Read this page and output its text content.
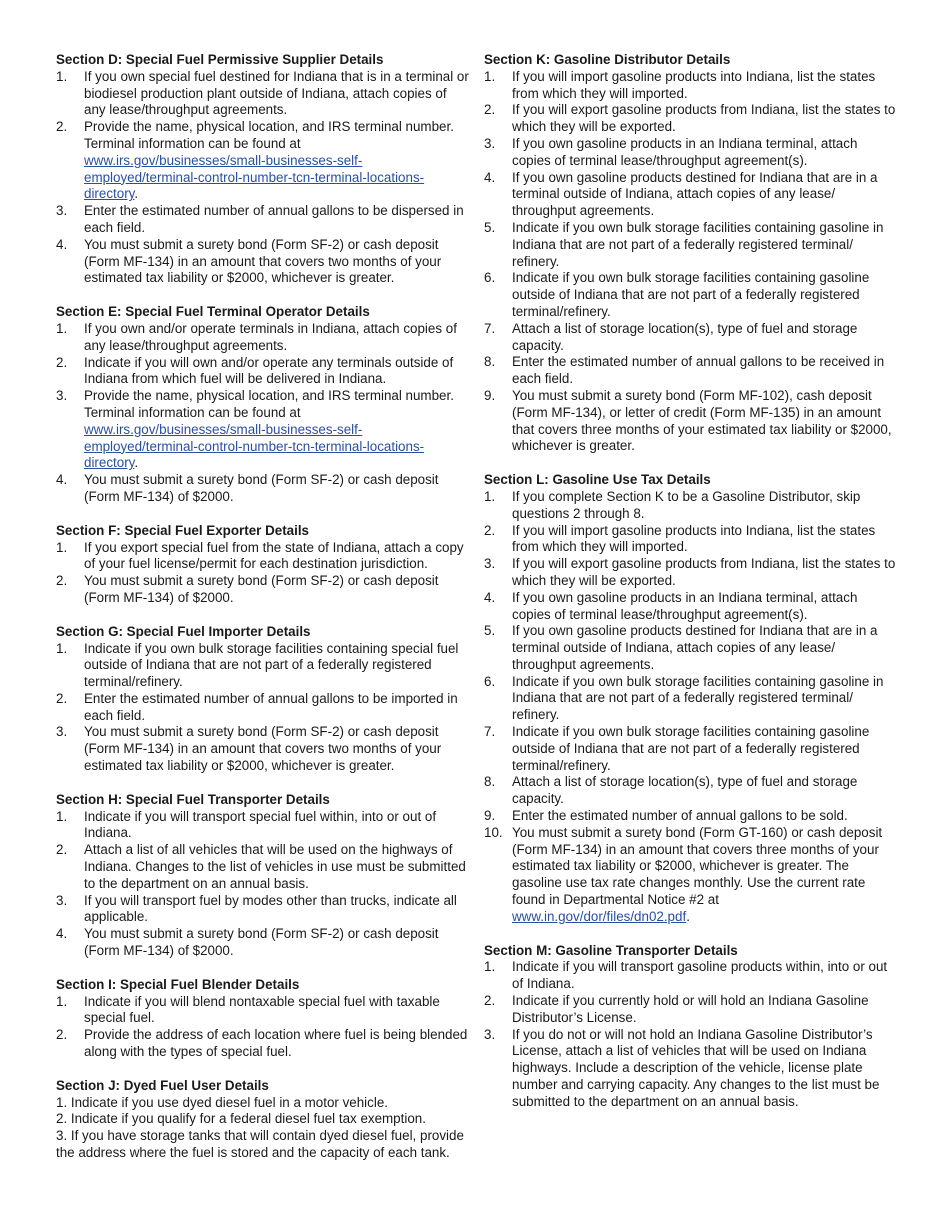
Section D: Special Fuel Permissive Supplier Details
1. If you own special fuel destined for Indiana that is in a terminal or biodiesel production plant outside of Indiana, attach copies of any lease/throughput agreements.
2. Provide the name, physical location, and IRS terminal number. Terminal information can be found at www.irs.gov/businesses/small-businesses-self-employed/terminal-control-number-tcn-terminal-locations-directory.
3. Enter the estimated number of annual gallons to be dispersed in each field.
4. You must submit a surety bond (Form SF-2) or cash deposit (Form MF-134) in an amount that covers two months of your estimated tax liability or $2000, whichever is greater.
Section E: Special Fuel Terminal Operator Details
1. If you own and/or operate terminals in Indiana, attach copies of any lease/throughput agreements.
2. Indicate if you will own and/or operate any terminals outside of Indiana from which fuel will be delivered in Indiana.
3. Provide the name, physical location, and IRS terminal number. Terminal information can be found at www.irs.gov/businesses/small-businesses-self-employed/terminal-control-number-tcn-terminal-locations-directory.
4. You must submit a surety bond (Form SF-2) or cash deposit (Form MF-134) of $2000.
Section F: Special Fuel Exporter Details
1. If you export special fuel from the state of Indiana, attach a copy of your fuel license/permit for each destination jurisdiction.
2. You must submit a surety bond (Form SF-2) or cash deposit (Form MF-134) of $2000.
Section G: Special Fuel Importer Details
1. Indicate if you own bulk storage facilities containing special fuel outside of Indiana that are not part of a federally registered terminal/refinery.
2. Enter the estimated number of annual gallons to be imported in each field.
3. You must submit a surety bond (Form SF-2) or cash deposit (Form MF-134) in an amount that covers two months of your estimated tax liability or $2000, whichever is greater.
Section H: Special Fuel Transporter Details
1. Indicate if you will transport special fuel within, into or out of Indiana.
2. Attach a list of all vehicles that will be used on the highways of Indiana. Changes to the list of vehicles in use must be submitted to the department on an annual basis.
3. If you will transport fuel by modes other than trucks, indicate all applicable.
4. You must submit a surety bond (Form SF-2) or cash deposit (Form MF-134) of $2000.
Section I: Special Fuel Blender Details
1. Indicate if you will blend nontaxable special fuel with taxable special fuel.
2. Provide the address of each location where fuel is being blended along with the types of special fuel.
Section J: Dyed Fuel User Details

1. Indicate if you use dyed diesel fuel in a motor vehicle.

2. Indicate if you qualify for a federal diesel fuel tax exemption.

3. If you have storage tanks that will contain dyed diesel fuel, provide the address where the fuel is stored and the capacity of each tank.

Section K: Gasoline Distributor Details
1. If you will import gasoline products into Indiana, list the states from which they will imported.
2. If you will export gasoline products from Indiana, list the states to which they will be exported.
3. If you own gasoline products in an Indiana terminal, attach copies of terminal lease/throughput agreement(s).
4. If you own gasoline products destined for Indiana that are in a terminal outside of Indiana, attach copies of any lease/ throughput agreements.
5. Indicate if you own bulk storage facilities containing gasoline in Indiana that are not part of a federally registered terminal/ refinery.
6. Indicate if you own bulk storage facilities containing gasoline outside of Indiana that are not part of a federally registered terminal/refinery.
7. Attach a list of storage location(s), type of fuel and storage capacity.
8. Enter the estimated number of annual gallons to be received in each field.
9. You must submit a surety bond (Form MF-102), cash deposit (Form MF-134), or letter of credit (Form MF-135) in an amount that covers three months of your estimated tax liability or $2000, whichever is greater.
Section L: Gasoline Use Tax Details
1. If you complete Section K to be a Gasoline Distributor, skip questions 2 through 8.
2. If you will import gasoline products into Indiana, list the states from which they will imported.
3. If you will export gasoline products from Indiana, list the states to which they will be exported.
4. If you own gasoline products in an Indiana terminal, attach copies of terminal lease/throughput agreement(s).
5. If you own gasoline products destined for Indiana that are in a terminal outside of Indiana, attach copies of any lease/ throughput agreements.
6. Indicate if you own bulk storage facilities containing gasoline in Indiana that are not part of a federally registered terminal/ refinery.
7. Indicate if you own bulk storage facilities containing gasoline outside of Indiana that are not part of a federally registered terminal/refinery.
8. Attach a list of storage location(s), type of fuel and storage capacity.
9. Enter the estimated number of annual gallons to be sold.
10. You must submit a surety bond (Form GT-160) or cash deposit (Form MF-134) in an amount that covers three months of your estimated tax liability or $2000, whichever is greater. The gasoline use tax rate changes monthly. Use the current rate found in Departmental Notice #2 at www.in.gov/dor/files/dn02.pdf.
Section M: Gasoline Transporter Details
1. Indicate if you will transport gasoline products within, into or out of Indiana.
2. Indicate if you currently hold or will hold an Indiana Gasoline Distributor’s License.
3. If you do not or will not hold an Indiana Gasoline Distributor’s License, attach a list of vehicles that will be used on Indiana highways. Include a description of the vehicle, license plate number and carrying capacity. Any changes to the list must be submitted to the department on an annual basis.
